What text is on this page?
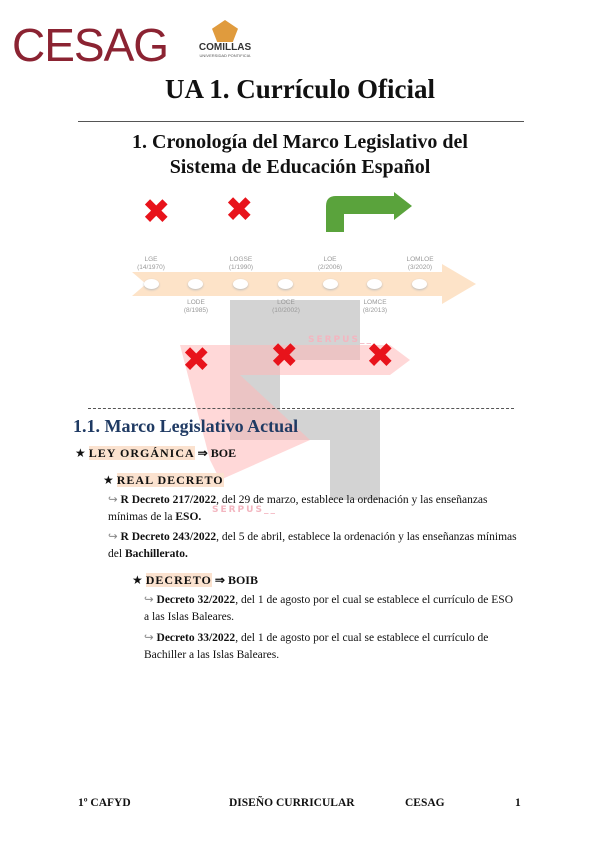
CESAG	COMILLAS
UNIVERSIDAD PONTIFICIA
UA 1. Currículo Oficial
1. Cronología del Marco Legislativo del
Sistema de Educación Español
SERPUS__
SERPUS__
✖ ✖
LGE
(14/1970)
LOGSE
(1/1990)
LOE
(2/2006)
LOMLOE
(3/2020)
LODE
(8/1985)
LOCE
(10/2002)
LOMCE
(8/2013)
✖ ✖ ✖
1.1. Marco Legislativo Actual
★ LEY ORGÁNICA ⇒ BOE
★ REAL DECRETO
↪ R Decreto 217/2022, del 29 de marzo, establece la ordenación y las enseñanzas mínimas de la ESO.
↪ R Decreto 243/2022, del 5 de abril, establece la ordenación y las enseñanzas mínimas del Bachillerato.
★ DECRETO ⇒ BOIB
↪ Decreto 32/2022, del 1 de agosto por el cual se establece el currículo de ESO a las Islas Baleares.
↪ Decreto 33/2022, del 1 de agosto por el cual se establece el currículo de Bachiller a las Islas Baleares.
1º CAFYD	DISEÑO CURRICULAR	CESAG	1
